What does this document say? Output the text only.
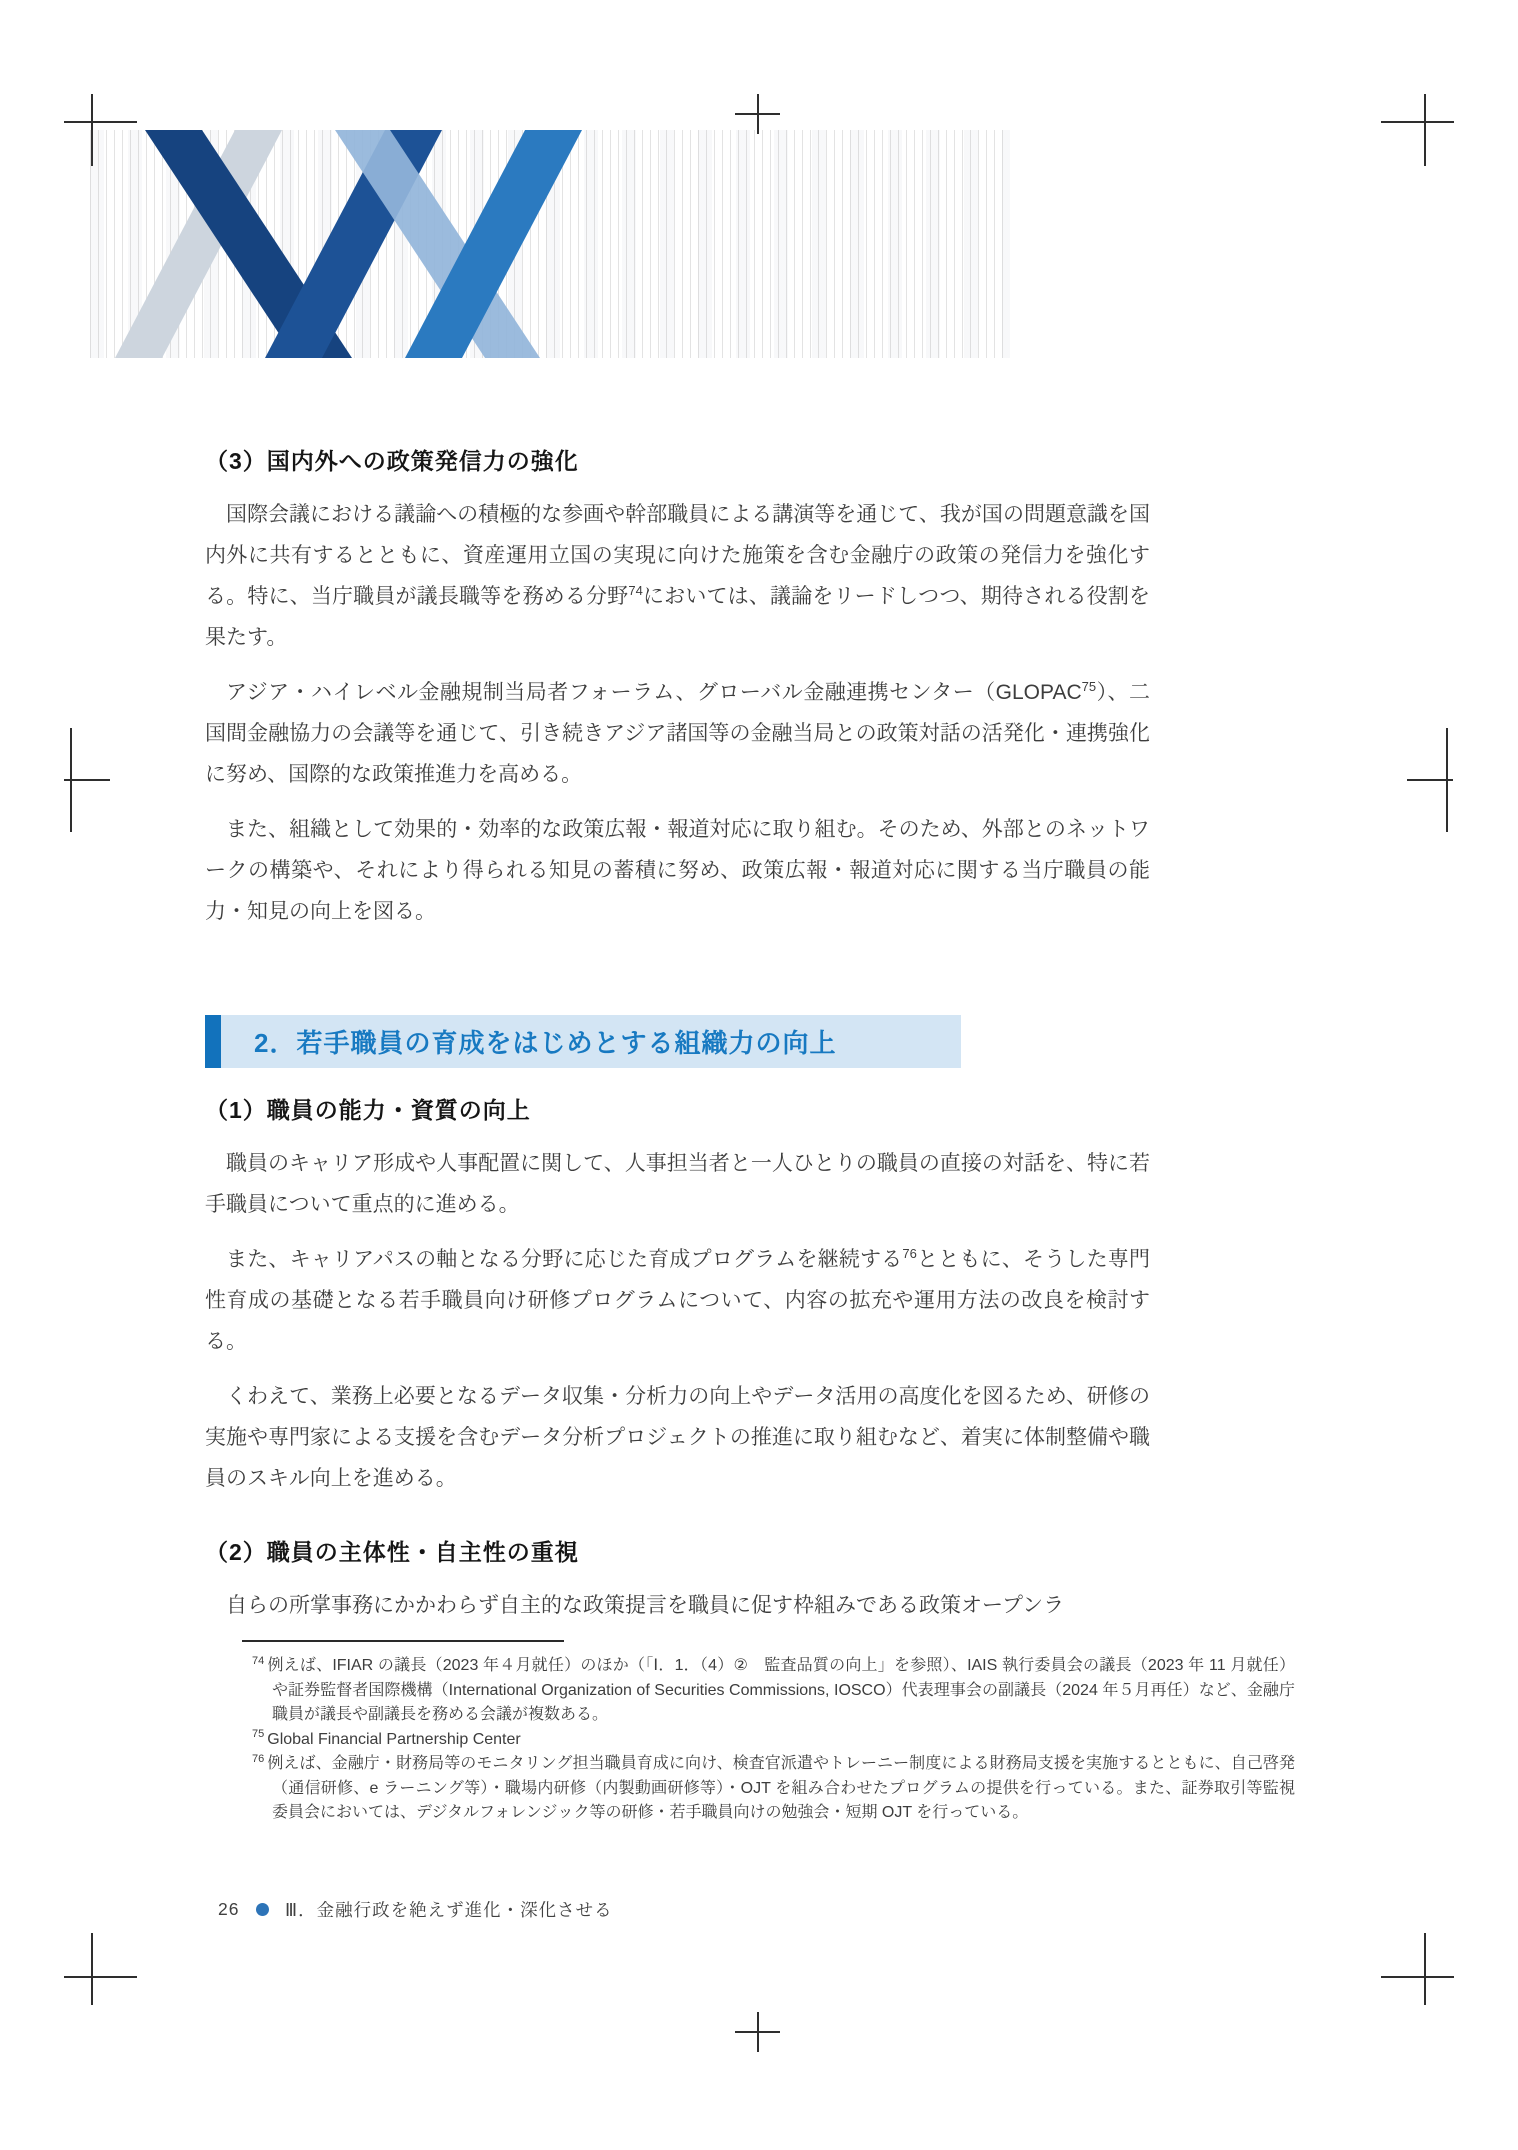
（3）国内外への政策発信力の強化

国際会議における議論への積極的な参画や幹部職員による講演等を通じて、我が国の問題意識を国内外に共有するとともに、資産運用立国の実現に向けた施策を含む金融庁の政策の発信力を強化する。特に、当庁職員が議長職等を務める分野$^{74}$においては、議論をリードしつつ、期待される役割を果たす。

アジア・ハイレベル金融規制当局者フォーラム、グローバル金融連携センター（GLOPAC$^{75}$）、二国間金融協力の会議等を通じて、引き続きアジア諸国等の金融当局との政策対話の活発化・連携強化に努め、国際的な政策推進力を高める。

また、組織として効果的・効率的な政策広報・報道対応に取り組む。そのため、外部とのネットワークの構築や、それにより得られる知見の蓄積に努め、政策広報・報道対応に関する当庁職員の能力・知見の向上を図る。

2．若手職員の育成をはじめとする組織力の向上
（1）職員の能力・資質の向上

職員のキャリア形成や人事配置に関して、人事担当者と一人ひとりの職員の直接の対話を、特に若手職員について重点的に進める。

また、キャリアパスの軸となる分野に応じた育成プログラムを継続する$^{76}$とともに、そうした専門性育成の基礎となる若手職員向け研修プログラムについて、内容の拡充や運用方法の改良を検討する。

くわえて、業務上必要となるデータ収集・分析力の向上やデータ活用の高度化を図るため、研修の実施や専門家による支援を含むデータ分析プロジェクトの推進に取り組むなど、着実に体制整備や職員のスキル向上を進める。

（2）職員の主体性・自主性の重視

自らの所掌事務にかかわらず自主的な政策提言を職員に促す枠組みである政策オープンラ

$^{74}$ 例えば、IFIAR の議長（2023 年４月就任）のほか（「Ⅰ．1．（4）②　監査品質の向上」を参照）、IAIS 執行委員会の議長（2023 年 11 月就任）や証券監督者国際機構（International Organization of Securities Commissions, IOSCO）代表理事会の副議長（2024 年５月再任）など、金融庁職員が議長や副議長を務める会議が複数ある。
$^{75}$ Global Financial Partnership Center
$^{76}$ 例えば、金融庁・財務局等のモニタリング担当職員育成に向け、検査官派遣やトレーニー制度による財務局支援を実施するとともに、自己啓発（通信研修、e ラーニング等）・職場内研修（内製動画研修等）・OJT を組み合わせたプログラムの提供を行っている。また、証券取引等監視委員会においては、デジタルフォレンジック等の研修・若手職員向けの勉強会・短期 OJT を行っている。
26	Ⅲ．金融行政を絶えず進化・深化させる
